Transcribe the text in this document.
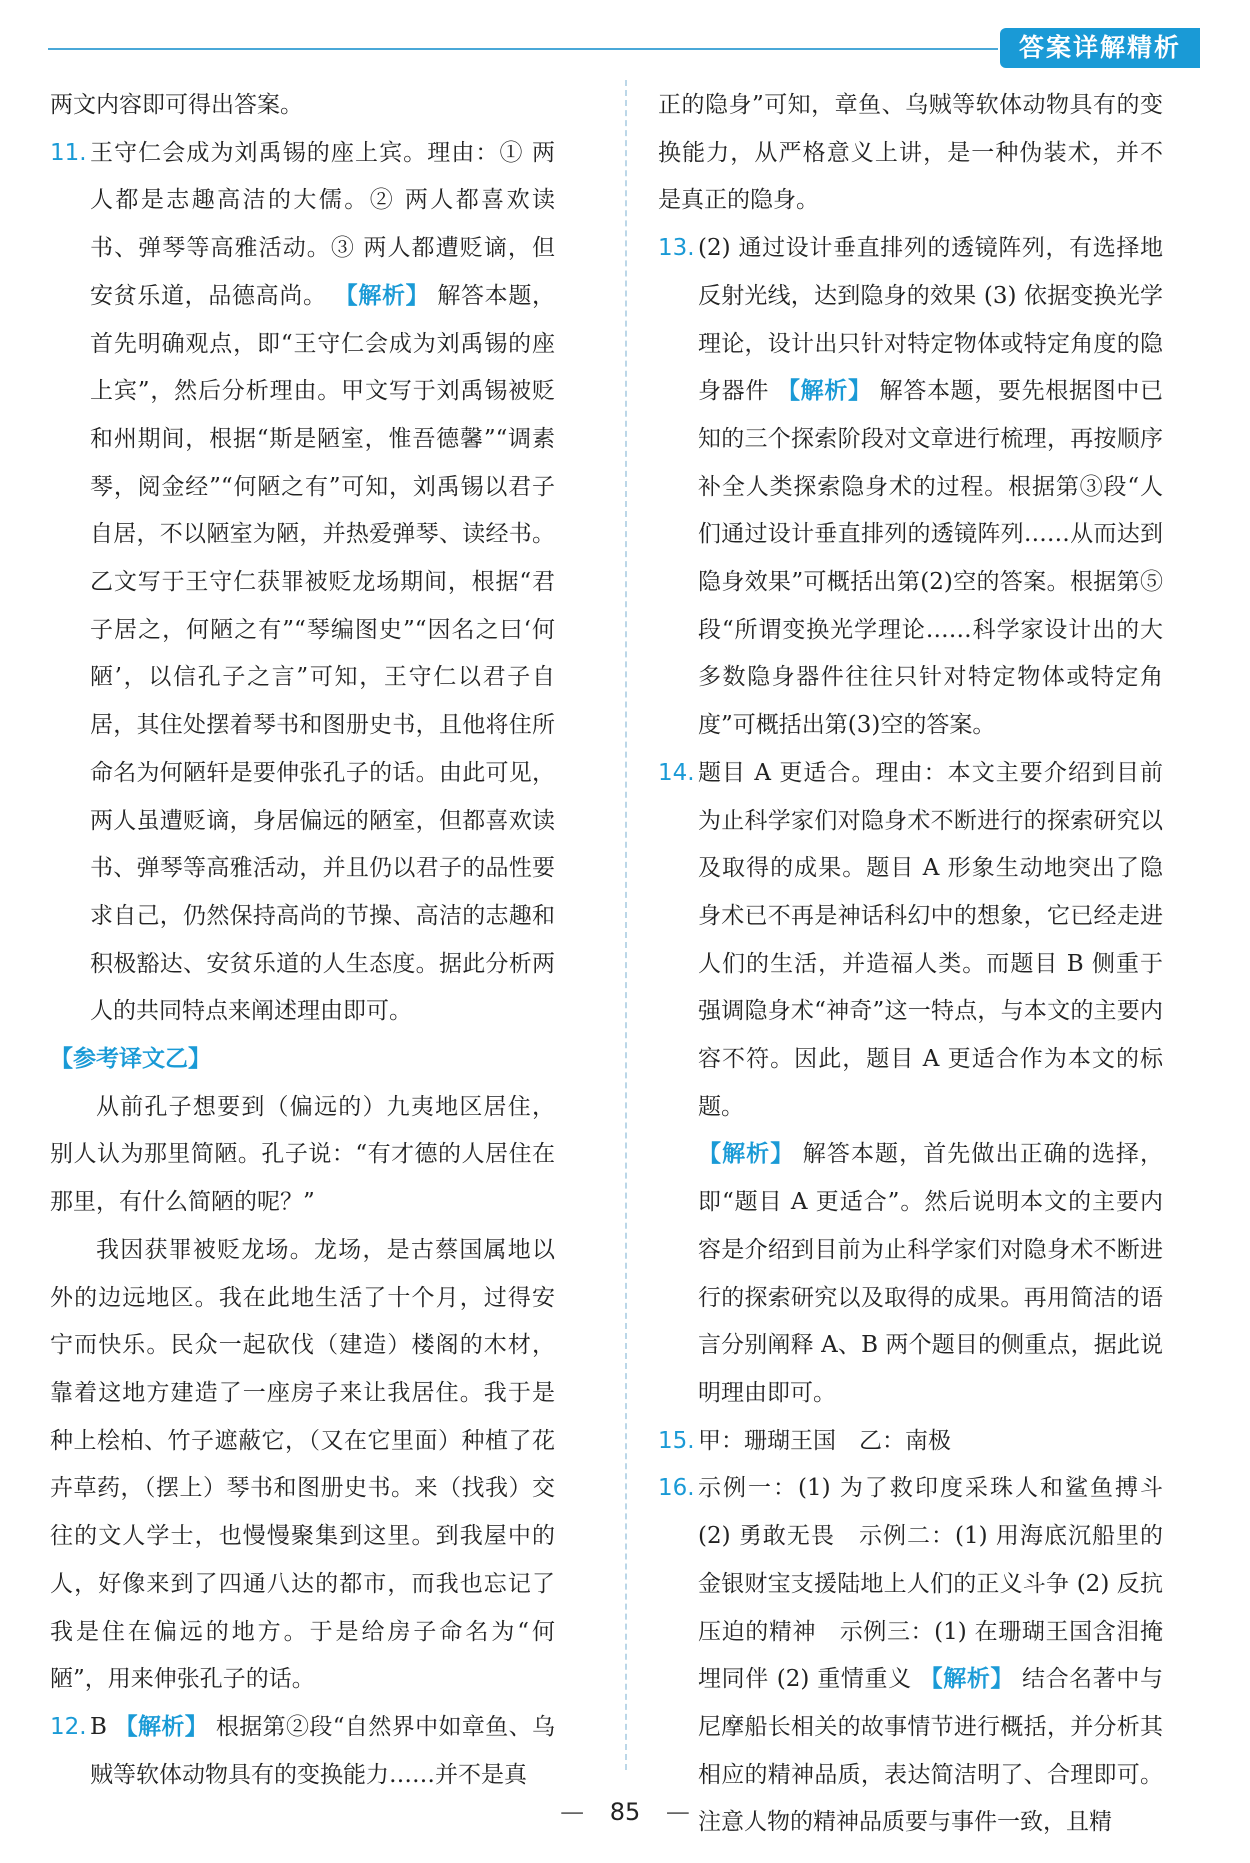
答案详解精析

两文内容即可得出答案。

11. 王守仁会成为刘禹锡的座上宾。理由：① 两人都是志趣高洁的大儒。② 两人都喜欢读书、弹琴等高雅活动。③ 两人都遭贬谪，但安贫乐道，品德高尚。 【解析】 解答本题，首先明确观点，即“王守仁会成为刘禹锡的座上宾”，然后分析理由。甲文写于刘禹锡被贬和州期间，根据“斯是陋室，惟吾德馨”“调素琴，阅金经”“何陋之有”可知，刘禹锡以君子自居，不以陋室为陋，并热爱弹琴、读经书。乙文写于王守仁获罪被贬龙场期间，根据“君子居之，何陋之有”“琴编图史”“因名之曰‘何陋’，以信孔子之言”可知，王守仁以君子自居，其住处摆着琴书和图册史书，且他将住所命名为何陋轩是要伸张孔子的话。由此可见，两人虽遭贬谪，身居偏远的陋室，但都喜欢读书、弹琴等高雅活动，并且仍以君子的品性要求自己，仍然保持高尚的节操、高洁的志趣和积极豁达、安贫乐道的人生态度。据此分析两人的共同特点来阐述理由即可。

【参考译文乙】

从前孔子想要到（偏远的）九夷地区居住，别人认为那里简陋。孔子说：“有才德的人居住在那里，有什么简陋的呢？”

我因获罪被贬龙场。龙场，是古蔡国属地以外的边远地区。我在此地生活了十个月，过得安宁而快乐。民众一起砍伐（建造）楼阁的木材，靠着这地方建造了一座房子来让我居住。我于是种上桧柏、竹子遮蔽它，（又在它里面）种植了花卉草药，（摆上）琴书和图册史书。来（找我）交往的文人学士，也慢慢聚集到这里。到我屋中的人，好像来到了四通八达的都市，而我也忘记了我是住在偏远的地方。于是给房子命名为“何陋”，用来伸张孔子的话。

12. B 【解析】 根据第②段“自然界中如章鱼、乌贼等软体动物具有的变换能力……并不是真

正的隐身”可知，章鱼、乌贼等软体动物具有的变换能力，从严格意义上讲，是一种伪装术，并不是真正的隐身。

13. (2) 通过设计垂直排列的透镜阵列，有选择地反射光线，达到隐身的效果 (3) 依据变换光学理论，设计出只针对特定物体或特定角度的隐身器件 【解析】 解答本题，要先根据图中已知的三个探索阶段对文章进行梳理，再按顺序补全人类探索隐身术的过程。根据第③段“人们通过设计垂直排列的透镜阵列……从而达到隐身效果”可概括出第(2)空的答案。根据第⑤段“所谓变换光学理论……科学家设计出的大多数隐身器件往往只针对特定物体或特定角度”可概括出第(3)空的答案。
14. 题目 A 更适合。理由：本文主要介绍到目前为止科学家们对隐身术不断进行的探索研究以及取得的成果。题目 A 形象生动地突出了隐身术已不再是神话科幻中的想象，它已经走进人们的生活，并造福人类。而题目 B 侧重于强调隐身术“神奇”这一特点，与本文的主要内容不符。因此，题目 A 更适合作为本文的标题。
【解析】 解答本题，首先做出正确的选择，即“题目 A 更适合”。然后说明本文的主要内容是介绍到目前为止科学家们对隐身术不断进行的探索研究以及取得的成果。再用简洁的语言分别阐释 A、B 两个题目的侧重点，据此说明理由即可。
15. 甲：珊瑚王国　乙：南极
16. 示例一：(1) 为了救印度采珠人和鲨鱼搏斗 (2) 勇敢无畏　示例二：(1) 用海底沉船里的金银财宝支援陆地上人们的正义斗争 (2) 反抗压迫的精神　示例三：(1) 在珊瑚王国含泪掩埋同伴 (2) 重情重义 【解析】 结合名著中与尼摩船长相关的故事情节进行概括，并分析其相应的精神品质，表达简洁明了、合理即可。注意人物的精神品质要与事件一致，且精
— 85 —
